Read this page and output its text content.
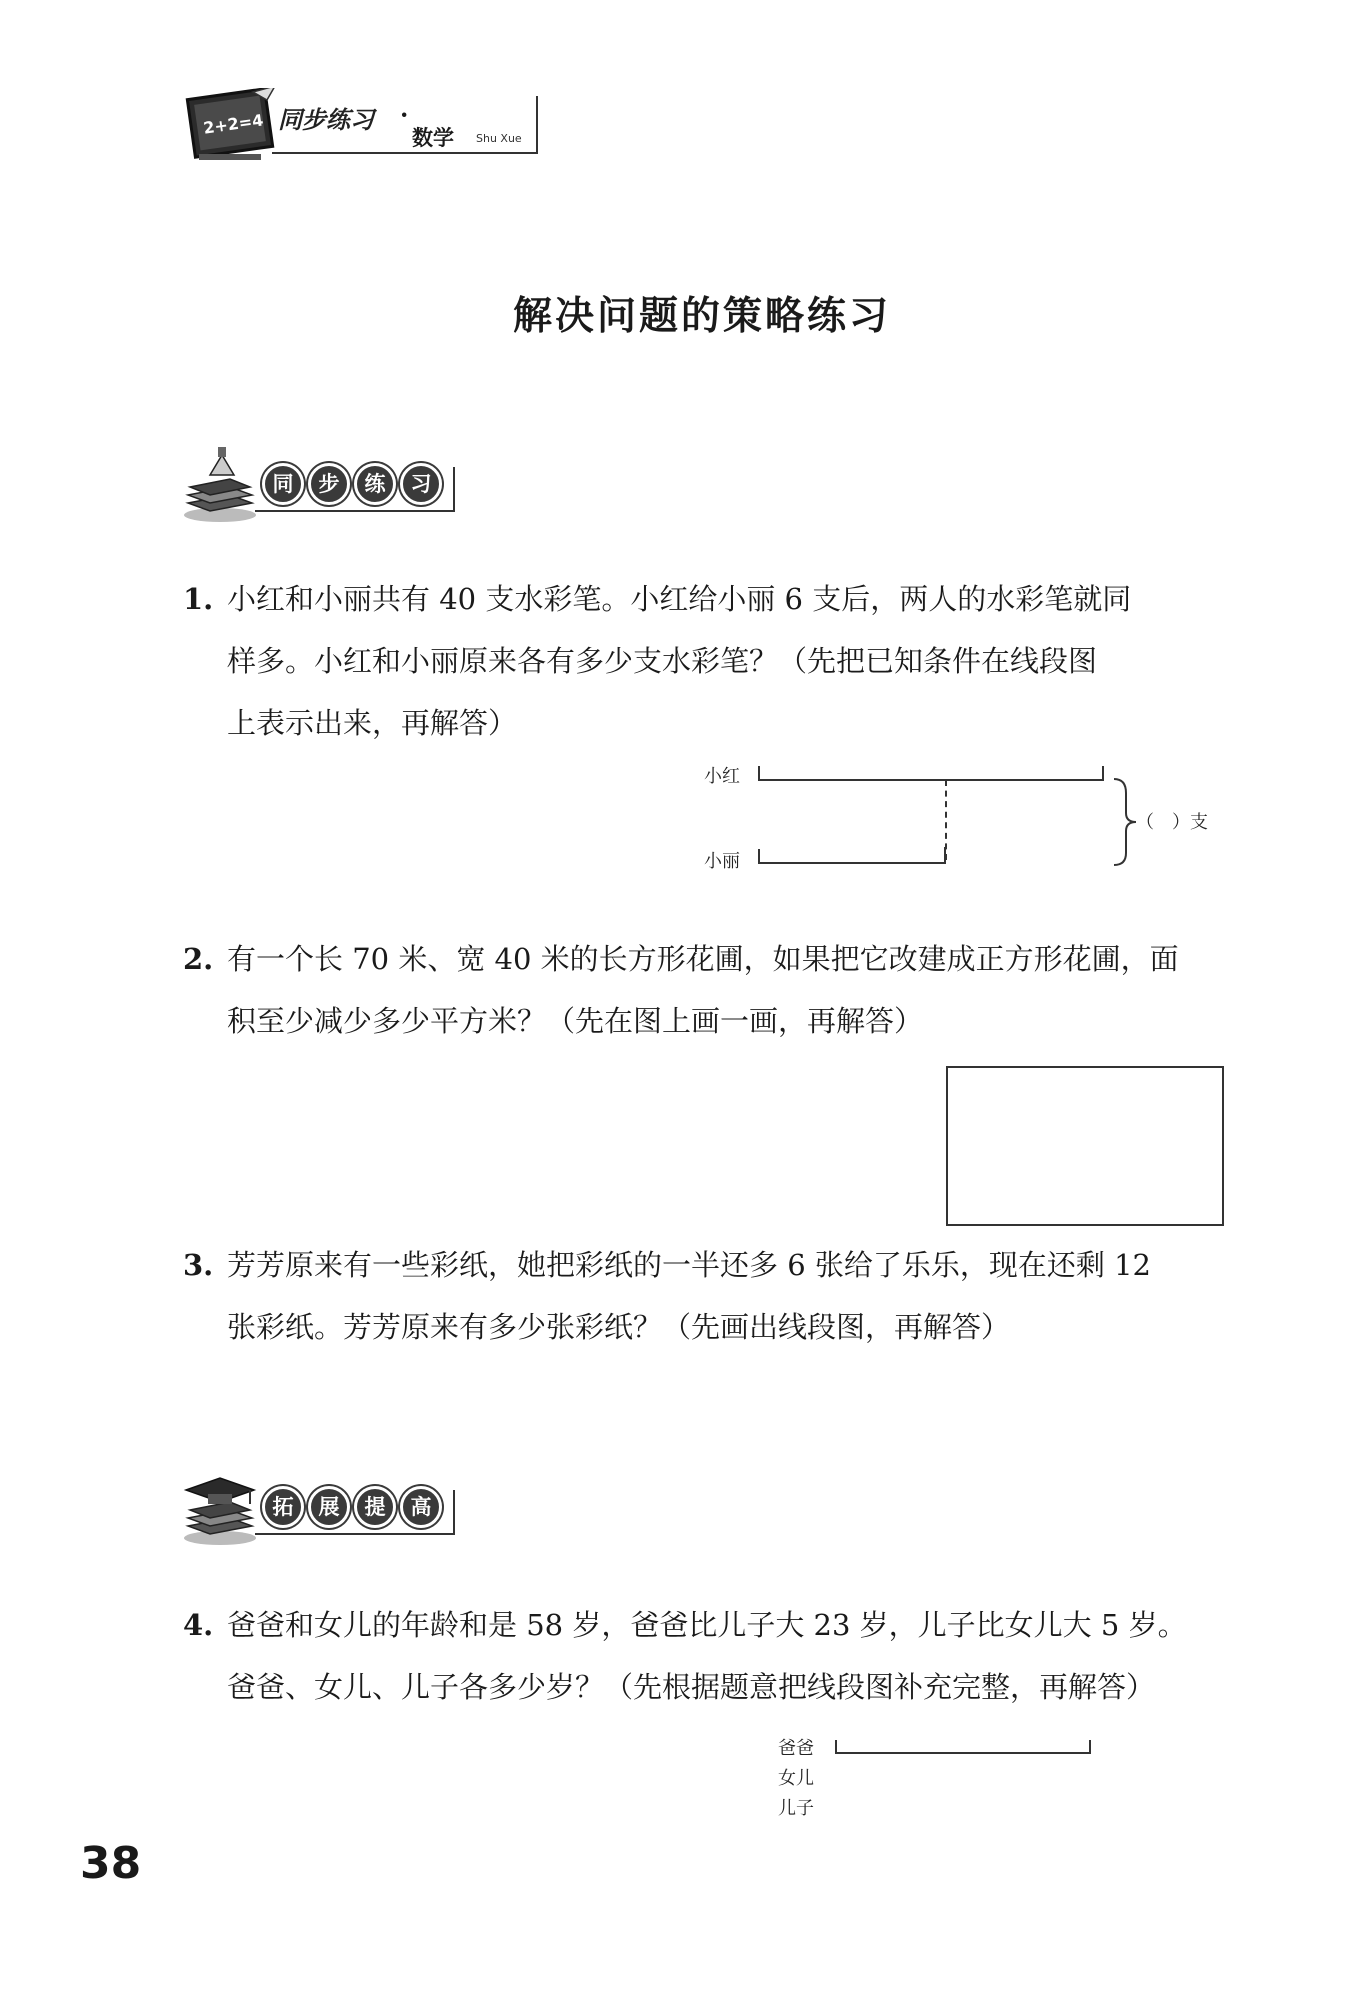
2+2=4 同步练习 ·
数学 Shu Xue
解决问题的策略练习
同	步	练	习
1. 小红和小丽共有 40 支水彩笔。小红给小丽 6 支后，两人的水彩笔就同
样多。小红和小丽原来各有多少支水彩笔？（先把已知条件在线段图
上表示出来，再解答）
小红
小丽
（　）支
2. 有一个长 70 米、宽 40 米的长方形花圃，如果把它改建成正方形花圃，面
积至少减少多少平方米？（先在图上画一画，再解答）
3. 芳芳原来有一些彩纸，她把彩纸的一半还多 6 张给了乐乐，现在还剩 12
张彩纸。芳芳原来有多少张彩纸？（先画出线段图，再解答）
拓	展	提	高
4. 爸爸和女儿的年龄和是 58 岁，爸爸比儿子大 23 岁，儿子比女儿大 5 岁。
爸爸、女儿、儿子各多少岁？（先根据题意把线段图补充完整，再解答）
爸爸
女儿
儿子
38
